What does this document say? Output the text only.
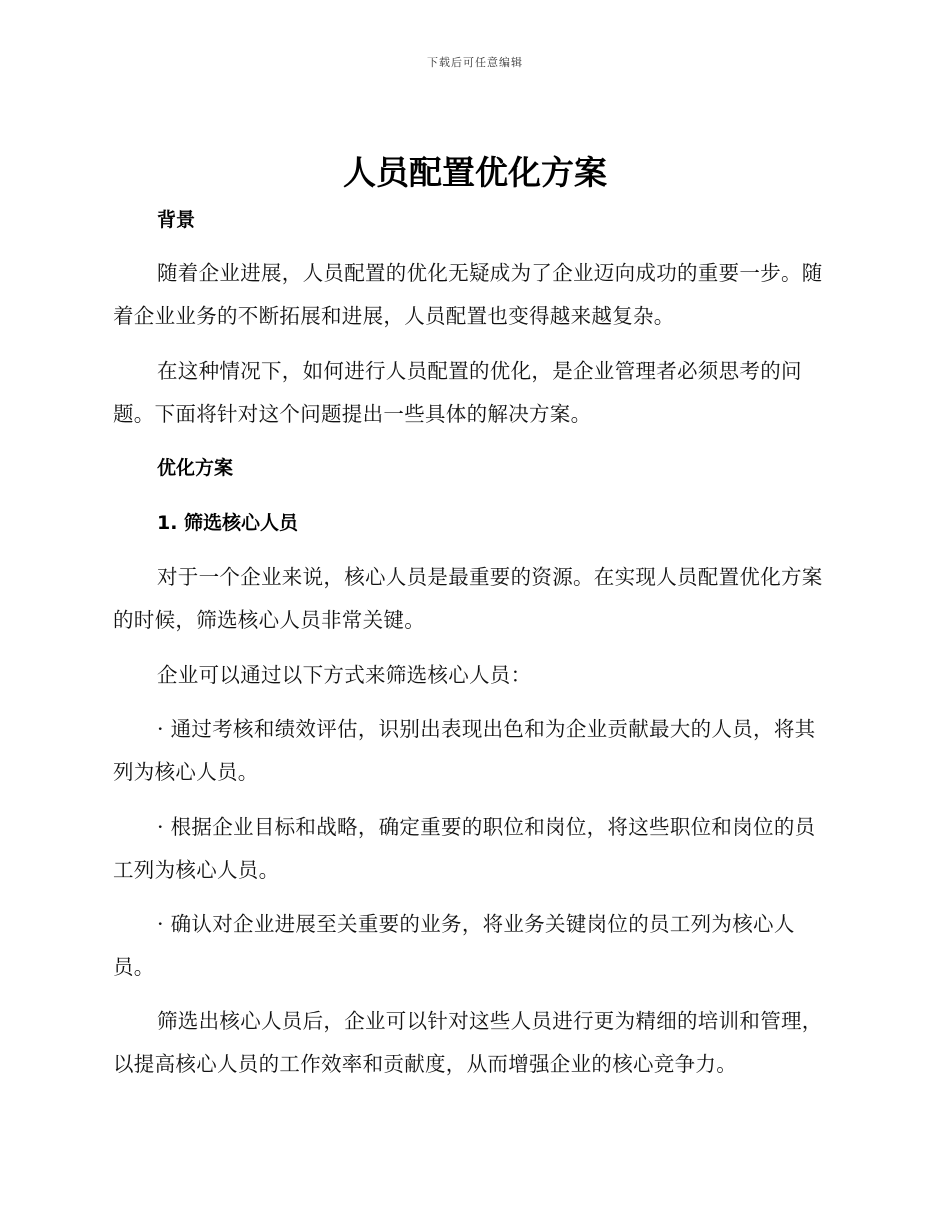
下载后可任意编辑
人员配置优化方案
背景

随着企业进展，人员配置的优化无疑成为了企业迈向成功的重要一步。随着企业业务的不断拓展和进展，人员配置也变得越来越复杂。

在这种情况下，如何进行人员配置的优化，是企业管理者必须思考的问题。下面将针对这个问题提出一些具体的解决方案。

优化方案
1. 筛选核心人员

对于一个企业来说，核心人员是最重要的资源。在实现人员配置优化方案的时候，筛选核心人员非常关键。

企业可以通过以下方式来筛选核心人员：

· 通过考核和绩效评估，识别出表现出色和为企业贡献最大的人员，将其列为核心人员。

· 根据企业目标和战略，确定重要的职位和岗位，将这些职位和岗位的员工列为核心人员。

· 确认对企业进展至关重要的业务，将业务关键岗位的员工列为核心人员。

筛选出核心人员后，企业可以针对这些人员进行更为精细的培训和管理，以提高核心人员的工作效率和贡献度，从而增强企业的核心竞争力。
